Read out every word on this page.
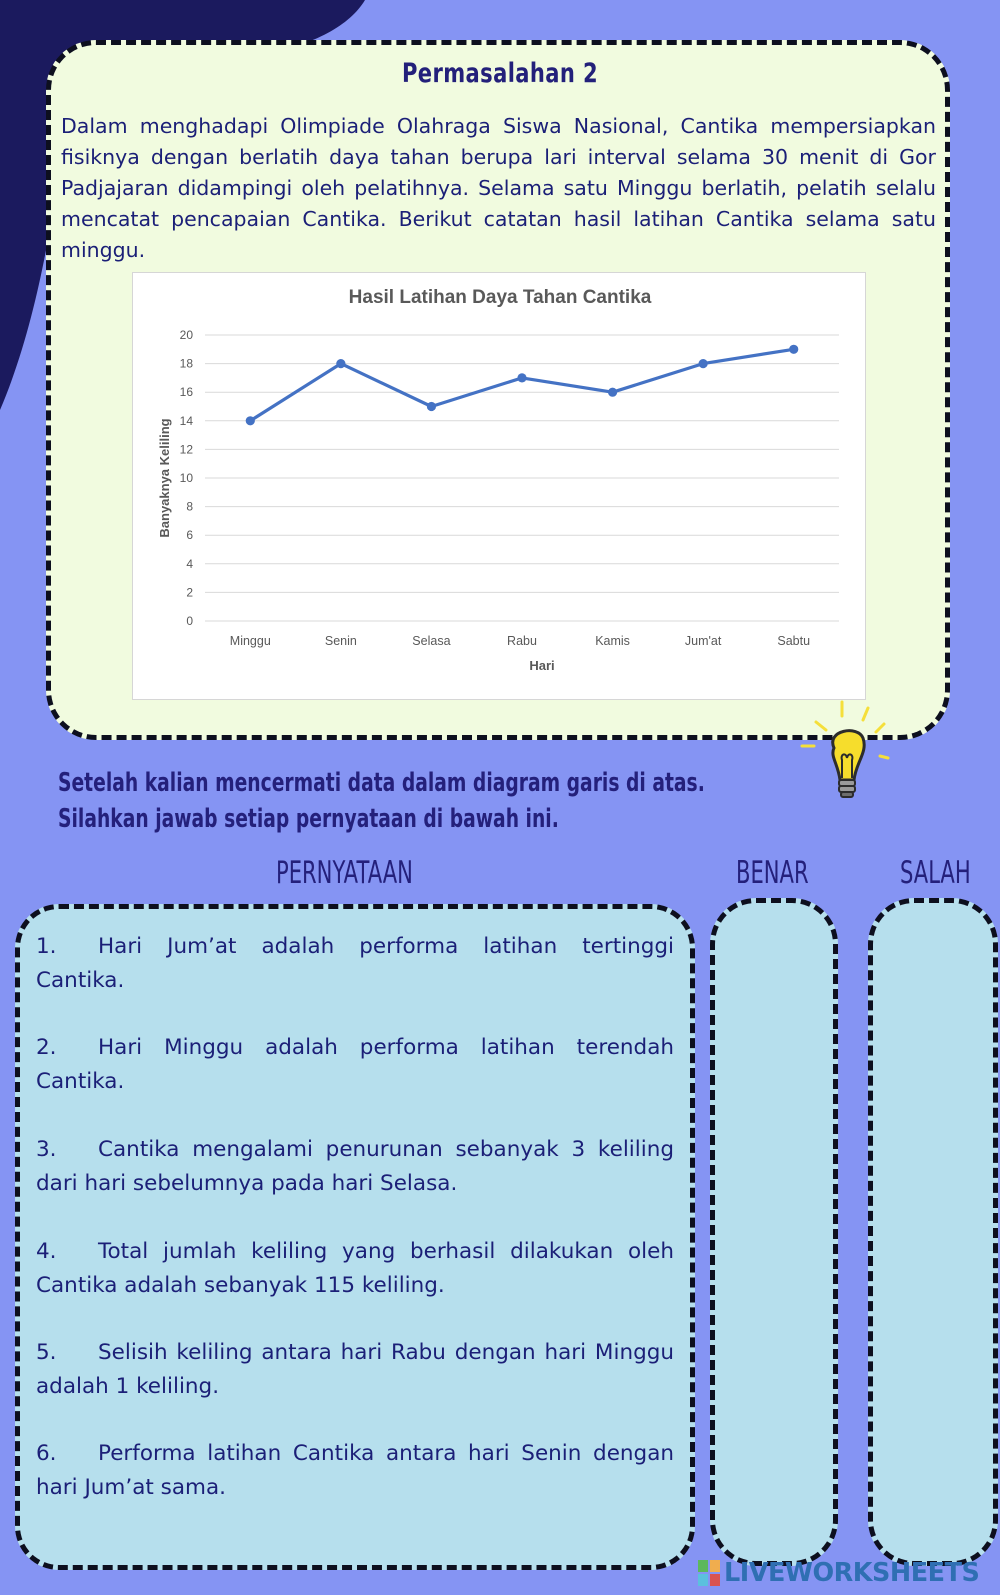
Permasalahan 2
Dalam menghadapi Olimpiade Olahraga Siswa Nasional, Cantika mempersiapkan fisiknya dengan berlatih daya tahan berupa lari interval selama 30 menit di Gor Padjajaran didampingi oleh pelatihnya. Selama satu Minggu berlatih, pelatih selalu mencatat pencapaian Cantika. Berikut catatan hasil latihan Cantika selama satu minggu.
Hasil Latihan Daya Tahan Cantika
0
2
4
6
8
10
12
14
16
18
20
Minggu	Senin	Selasa	Rabu	Kamis	Jum'at	Sabtu
Hari
Banyaknya Keliling
Setelah kalian mencermati data dalam diagram garis di atas.
Silahkan jawab setiap pernyataan di bawah ini.
PERNYATAAN	BENAR	SALAH
1. Hari Jum’at adalah performa latihan tertinggi Cantika.
2. Hari Minggu adalah performa latihan terendah Cantika.
3. Cantika mengalami penurunan sebanyak 3 keliling dari hari sebelumnya pada hari Selasa.
4. Total jumlah keliling yang berhasil dilakukan oleh Cantika adalah sebanyak 115 keliling.
5. Selisih keliling antara hari Rabu dengan hari Minggu adalah 1 keliling.
6. Performa latihan Cantika antara hari Senin dengan hari Jum’at sama.
LIVEWORKSHEETS
